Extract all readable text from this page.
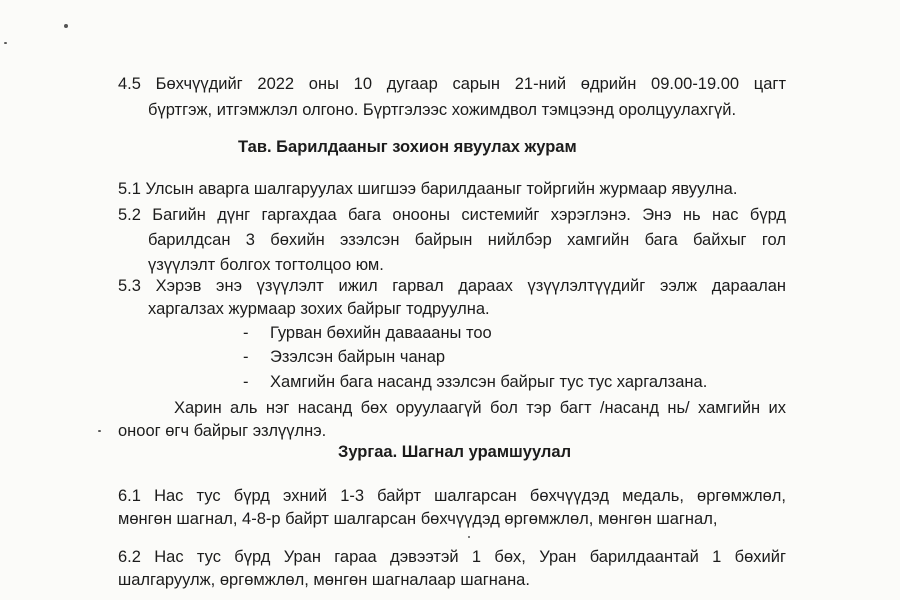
4.5 Бөхчүүдийг 2022 оны 10 дугаар сарын 21-ний өдрийн 09.00-19.00 цагт
бүртгэж, итгэмжлэл олгоно. Бүртгэлээс хожимдвол тэмцээнд оролцуулахгүй.
Тав. Барилдааныг зохион явуулах журам
5.1 Улсын аварга шалгаруулах шигшээ барилдааныг тойргийн журмаар явуулна.
5.2 Багийн дүнг гаргахдаа бага онооны системийг хэрэглэнэ. Энэ нь нас бүрд
барилдсан 3 бөхийн эзэлсэн байрын нийлбэр хамгийн бага байхыг гол
үзүүлэлт болгох тогтолцоо юм.
5.3 Хэрэв энэ үзүүлэлт ижил гарвал дараах үзүүлэлтүүдийг ээлж дараалан
харгалзах журмаар зохих байрыг тодруулна.
- Гурван бөхийн даваааны тоо
- Эзэлсэн байрын чанар
- Хамгийн бага насанд эзэлсэн байрыг тус тус харгалзана.
Харин аль нэг насанд бөх оруулаагүй бол тэр багт /насанд нь/ хамгийн их
оноог өгч байрыг эзлүүлнэ.
Зургаа. Шагнал урамшуулал
6.1 Нас тус бүрд эхний 1-3 байрт шалгарсан бөхчүүдэд медаль, өргөмжлөл,
мөнгөн шагнал, 4-8-р байрт шалгарсан бөхчүүдэд өргөмжлөл, мөнгөн шагнал,
6.2 Нас тус бүрд Уран гараа дэвээтэй 1 бөх, Уран барилдаантай 1 бөхийг
шалгаруулж, өргөмжлөл, мөнгөн шагналаар шагнана.
